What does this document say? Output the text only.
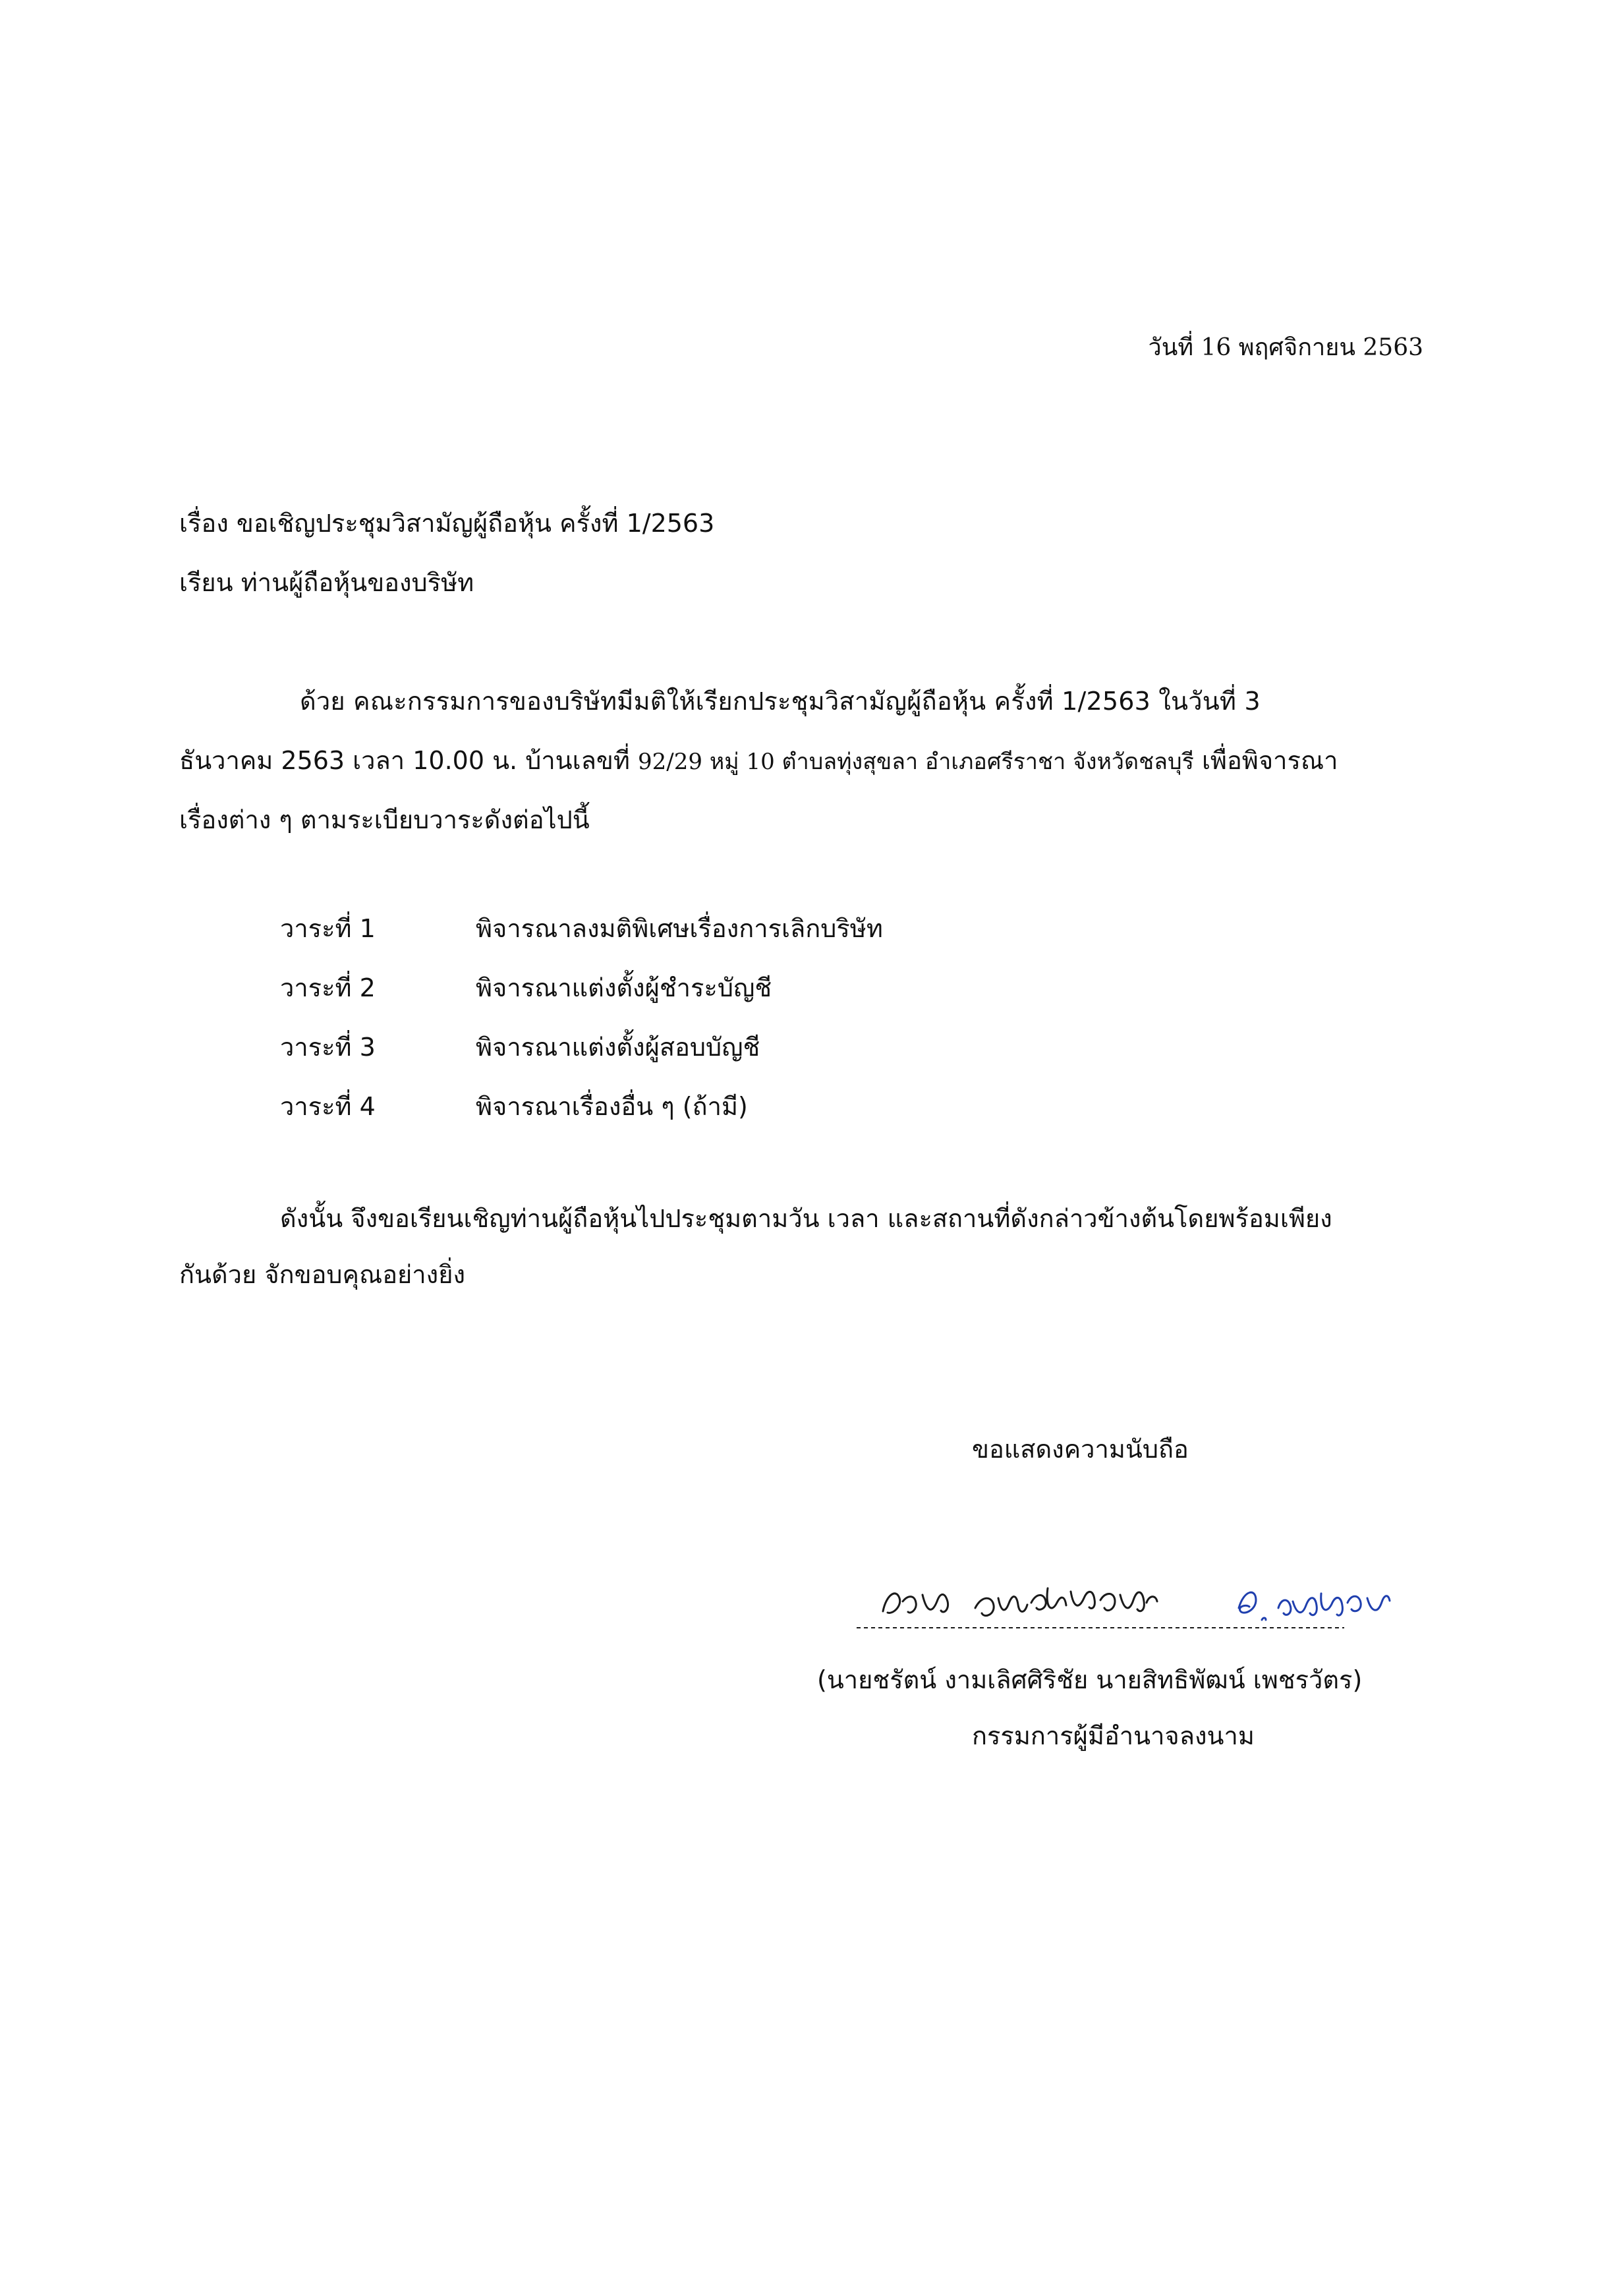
วันที่ 16 พฤศจิกายน 2563
เรื่อง ขอเชิญประชุมวิสามัญผู้ถือหุ้น ครั้งที่ 1/2563
เรียน ท่านผู้ถือหุ้นของบริษัท
ด้วย คณะกรรมการของบริษัทมีมติให้เรียกประชุมวิสามัญผู้ถือหุ้น ครั้งที่ 1/2563 ในวันที่ 3
ธันวาคม 2563 เวลา 10.00 น. บ้านเลขที่ 92/29 หมู่ 10 ตำบลทุ่งสุขลา อำเภอศรีราชา จังหวัดชลบุรี เพื่อพิจารณา
เรื่องต่าง ๆ ตามระเบียบวาระดังต่อไปนี้
วาระที่ 1	พิจารณาลงมติพิเศษเรื่องการเลิกบริษัท
วาระที่ 2	พิจารณาแต่งตั้งผู้ชำระบัญชี
วาระที่ 3	พิจารณาแต่งตั้งผู้สอบบัญชี
วาระที่ 4	พิจารณาเรื่องอื่น ๆ (ถ้ามี)
ดังนั้น จึงขอเรียนเชิญท่านผู้ถือหุ้นไปประชุมตามวัน เวลา และสถานที่ดังกล่าวข้างต้นโดยพร้อมเพียง
กันด้วย จักขอบคุณอย่างยิ่ง
ขอแสดงความนับถือ
(นายชรัตน์ งามเลิศศิริชัย นายสิทธิพัฒน์ เพชรวัตร)
กรรมการผู้มีอำนาจลงนาม
